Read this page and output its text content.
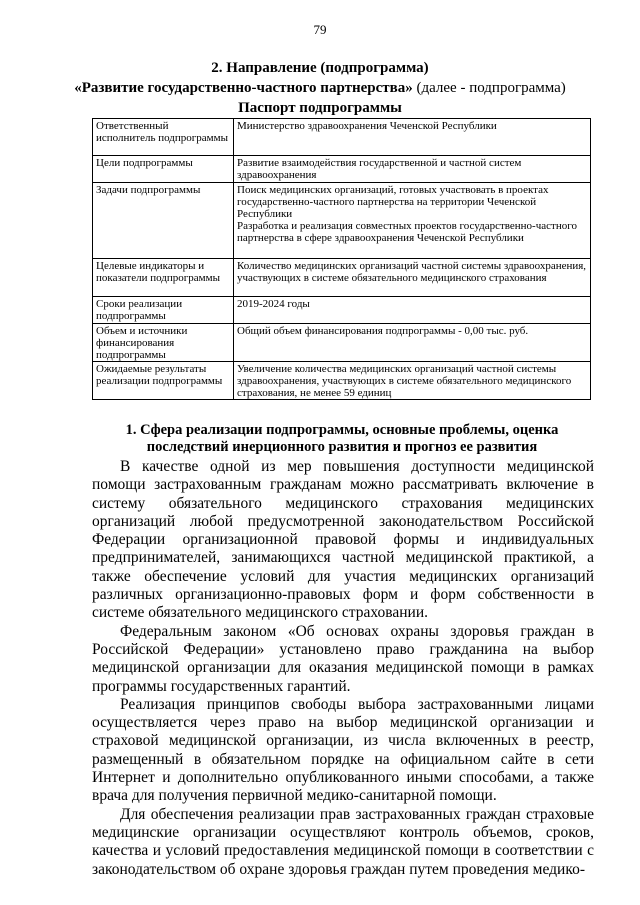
79
2. Направление (подпрограмма)
«Развитие государственно-частного партнерства» (далее - подпрограмма)
Паспорт подпрограммы
Ответственный исполнитель подпрограммы	Министерство здравоохранения Чеченской Республики
Цели подпрограммы	Развитие взаимодействия государственной и частной систем здравоохранения
Задачи подпрограммы	Поиск медицинских организаций, готовых участвовать в проектах государственно-частного партнерства на территории Чеченской Республики
Разработка и реализация совместных проектов государственно-частного партнерства в сфере здравоохранения Чеченской Республики

Целевые индикаторы и показатели подпрограммы	Количество медицинских организаций частной системы здравоохранения, участвующих в системе обязательного медицинского страхования
Сроки реализации подпрограммы	2019-2024 годы
Объем и источники финансирования подпрограммы	Общий объем финансирования подпрограммы - 0,00 тыс. руб.
Ожидаемые результаты реализации подпрограммы	Увеличение количества медицинских организаций частной системы здравоохранения, участвующих в системе обязательного медицинского страхования, не менее 59 единиц
1. Сфера реализации подпрограммы, основные проблемы, оценка
последствий инерционного развития и прогноз ее развития

В качестве одной из мер повышения доступности медицинской помощи застрахованным гражданам можно рассматривать включение в систему обязательного медицинского страхования медицинских организаций любой предусмотренной законодательством Российской Федерации организационной правовой формы и индивидуальных предпринимателей, занимающихся частной медицинской практикой, а также обеспечение условий для участия медицинских организаций различных организационно-правовых форм и форм собственности в системе обязательного медицинского страховании.

Федеральным законом «Об основах охраны здоровья граждан в Российской Федерации» установлено право гражданина на выбор медицинской организации для оказания медицинской помощи в рамках программы государственных гарантий.

Реализация принципов свободы выбора застрахованными лицами осуществляется через право на выбор медицинской организации и страховой медицинской организации, из числа включенных в реестр, размещенный в обязательном порядке на официальном сайте в сети Интернет и дополнительно опубликованного иными способами, а также врача для получения первичной медико-санитарной помощи.

Для обеспечения реализации прав застрахованных граждан страховые медицинские организации осуществляют контроль объемов, сроков, качества и условий предоставления медицинской помощи в соответствии с законодательством об охране здоровья граждан путем проведения медико-
